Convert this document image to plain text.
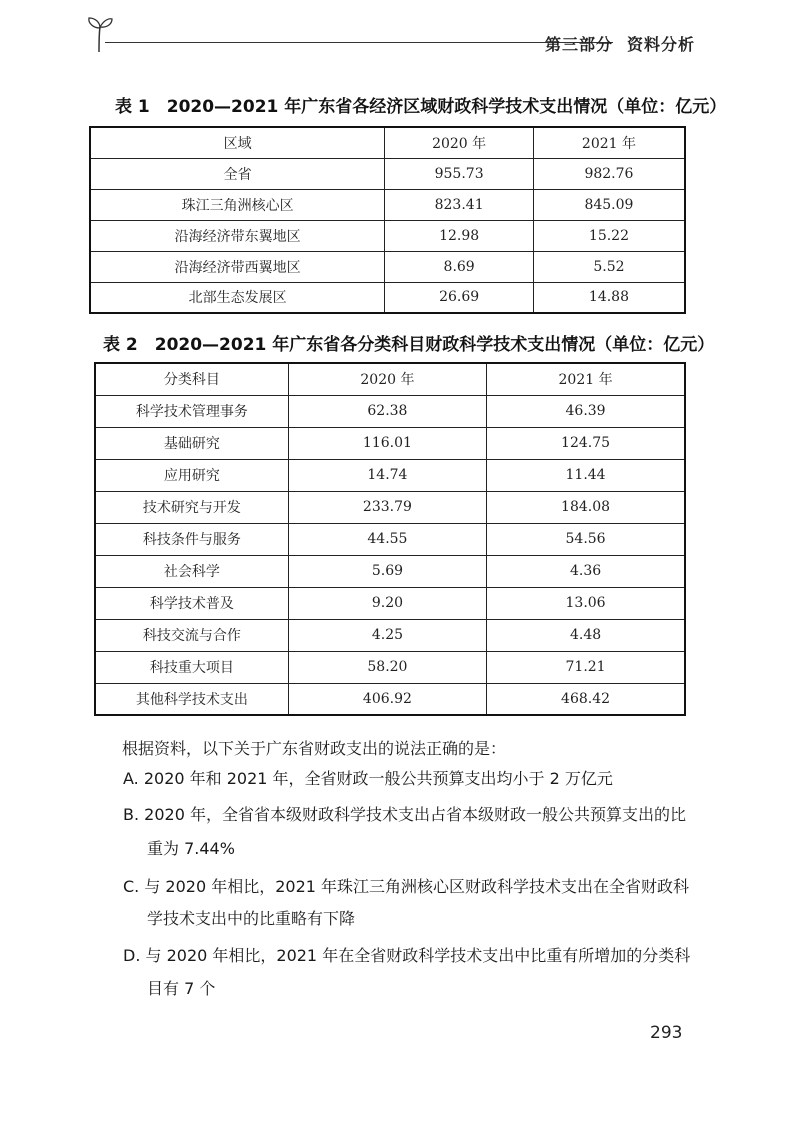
第三部分 资料分析
表 1　2020—2021 年广东省各经济区域财政科学技术支出情况（单位：亿元）
区域	2020 年	2021 年
全省	955.73	982.76
珠江三角洲核心区	823.41	845.09
沿海经济带东翼地区	12.98	15.22
沿海经济带西翼地区	8.69	5.52
北部生态发展区	26.69	14.88
表 2　2020—2021 年广东省各分类科目财政科学技术支出情况（单位：亿元）
分类科目	2020 年	2021 年
科学技术管理事务	62.38	46.39
基础研究	116.01	124.75
应用研究	14.74	11.44
技术研究与开发	233.79	184.08
科技条件与服务	44.55	54.56
社会科学	5.69	4.36
科学技术普及	9.20	13.06
科技交流与合作	4.25	4.48
科技重大项目	58.20	71.21
其他科学技术支出	406.92	468.42
根据资料，以下关于广东省财政支出的说法正确的是：
A. 2020 年和 2021 年，全省财政一般公共预算支出均小于 2 万亿元
B. 2020 年，全省省本级财政科学技术支出占省本级财政一般公共预算支出的比
重为 7.44%
C. 与 2020 年相比，2021 年珠江三角洲核心区财政科学技术支出在全省财政科
学技术支出中的比重略有下降
D. 与 2020 年相比，2021 年在全省财政科学技术支出中比重有所增加的分类科
目有 7 个
293
